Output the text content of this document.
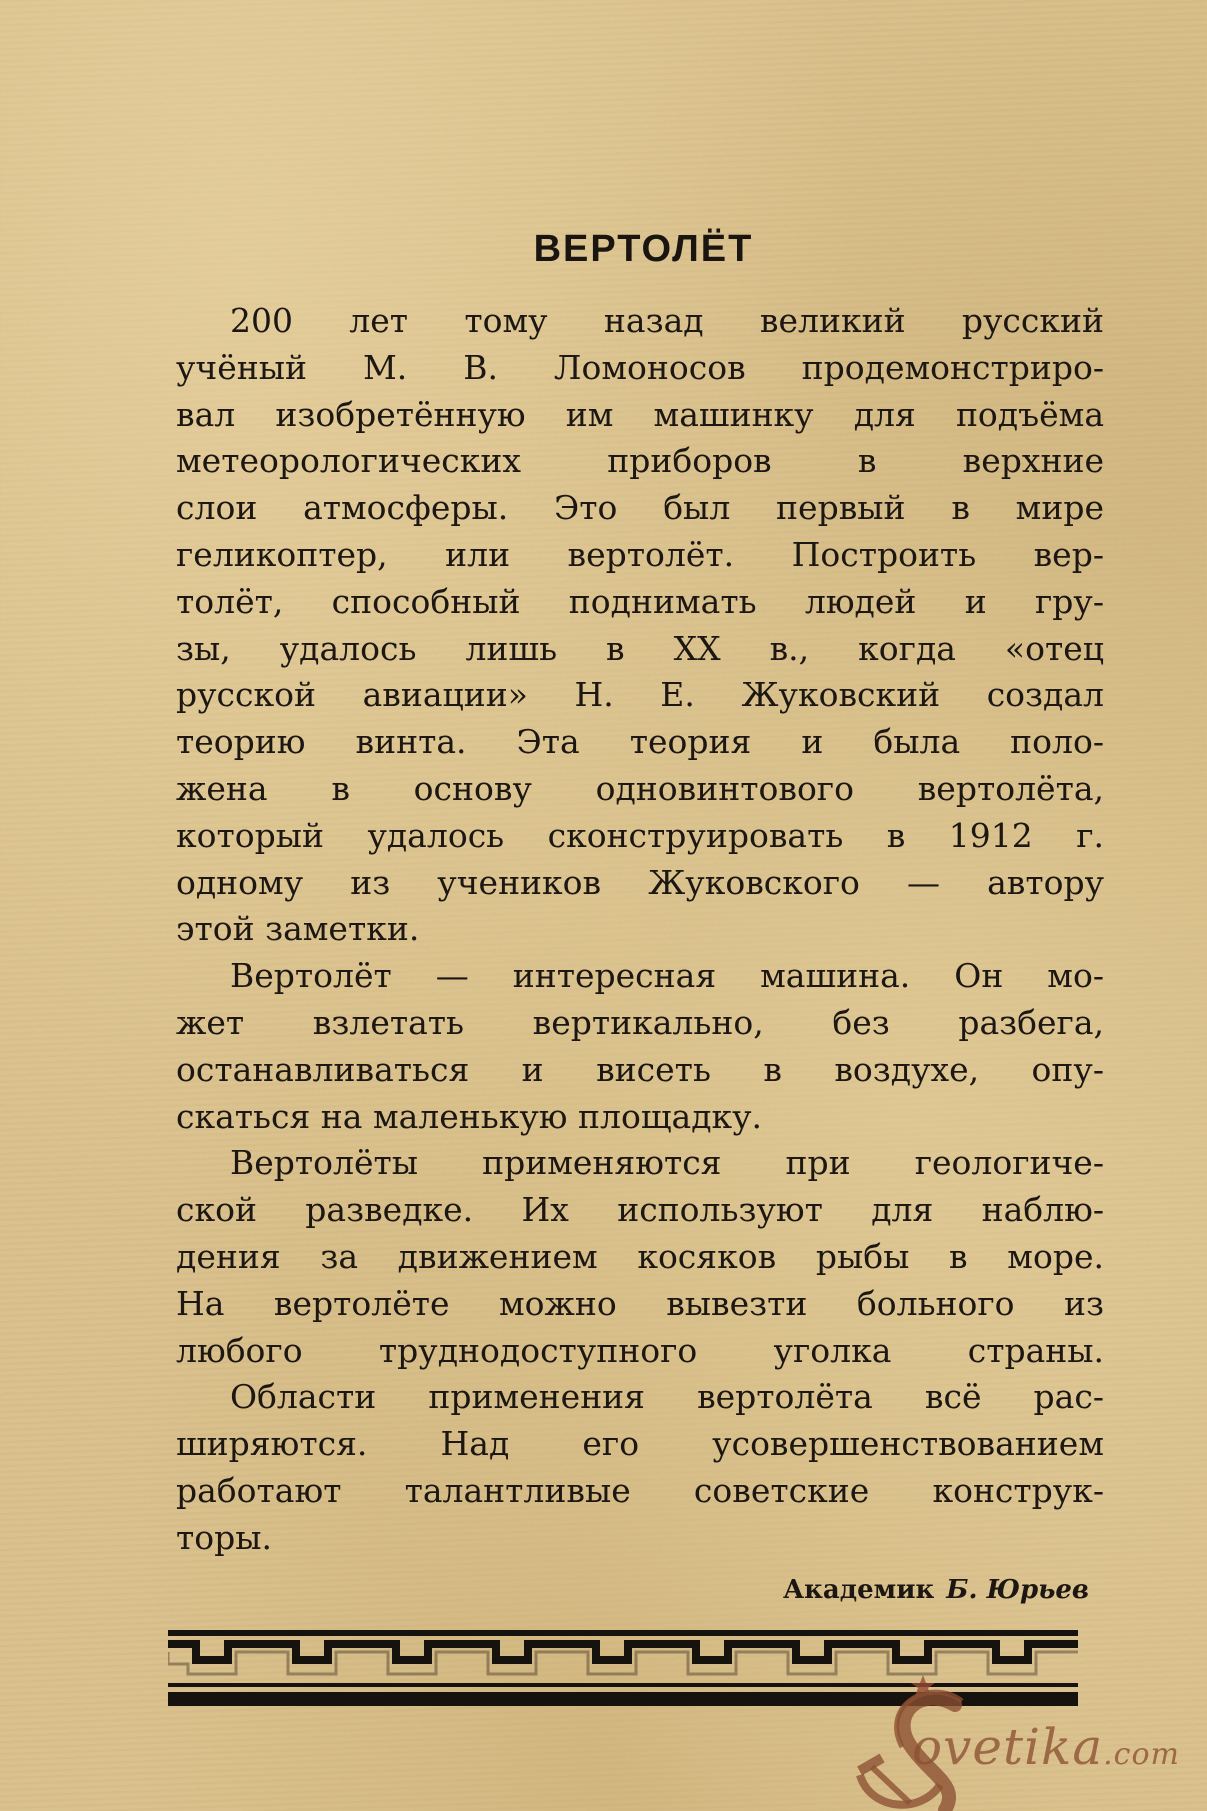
ВЕРТОЛЁТ
200 лет тому назад великий русский
учёный М. В. Ломоносов продемонстриро-
вал изобретённую им машинку для подъёма
метеорологических приборов в верхние
слои атмосферы. Это был первый в мире
геликоптер, или вертолёт. Построить вер-
толёт, способный поднимать людей и гру-
зы, удалось лишь в XX в., когда «отец
русской авиации» Н. Е. Жуковский создал
теорию винта. Эта теория и была поло-
жена в основу одновинтового вертолёта,
который удалось сконструировать в 1912 г.
одному из учеников Жуковского — автору
этой заметки.
Вертолёт — интересная машина. Он мо-
жет взлетать вертикально, без разбега,
останавливаться и висеть в воздухе, опу-
скаться на маленькую площадку.
Вертолёты применяются при геологиче-
ской разведке. Их используют для наблю-
дения за движением косяков рыбы в море.
На вертолёте можно вывезти больного из
любого труднодоступного уголка страны.
Области применения вертолёта всё рас-
ширяются. Над его усовершенствованием
работают талантливые советские конструк-
торы.
Академик Б. Юрьев
ovetika.com
